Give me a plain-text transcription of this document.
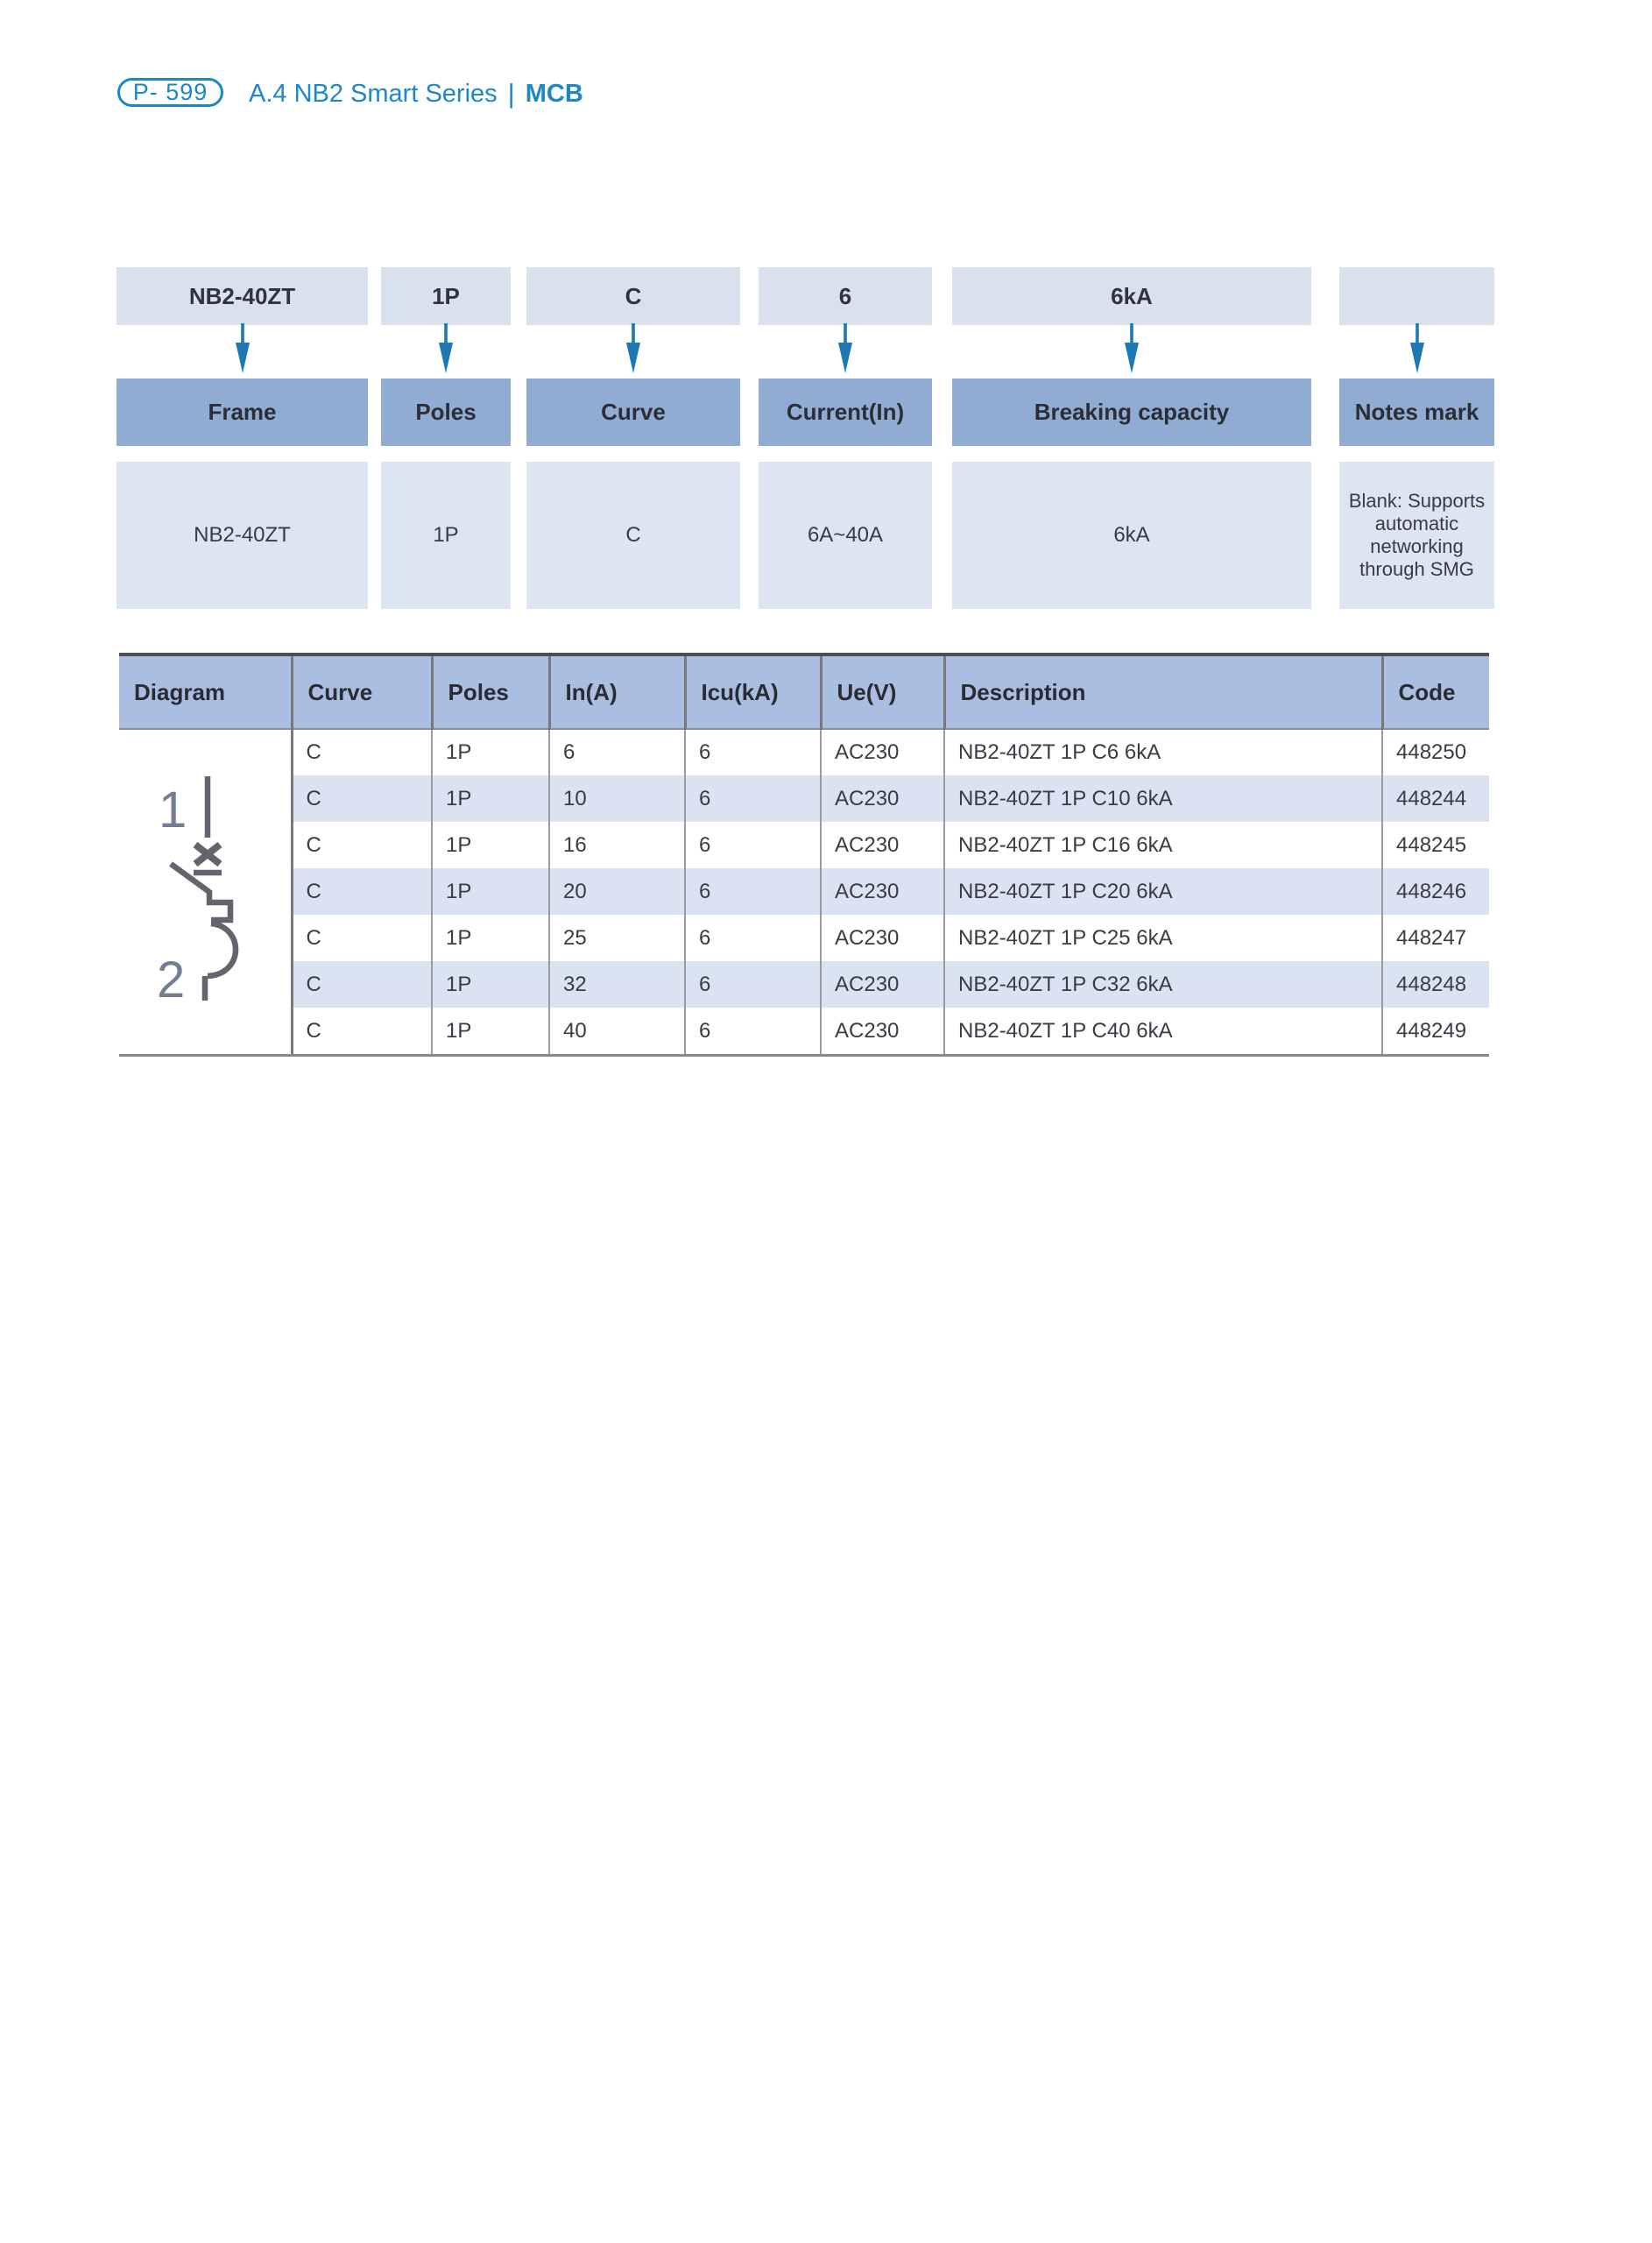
P- 599 A.4 NB2 Smart Series | MCB
NB2-40ZT
Frame
NB2-40ZT
1P
Poles
1P
C
Curve
C
6
Current(In)
6A~40A
6kA
Breaking capacity
6kA
Notes mark
Blank: Supports automatic networking through SMG
Diagram	Curve	Poles	In(A)	Icu(kA)	Ue(V)	Description	Code

1
2	C	1P	6	6	AC230	NB2-40ZT 1P C6 6kA	448250
	C	1P	10	6	AC230	NB2-40ZT 1P C10 6kA	448244
	C	1P	16	6	AC230	NB2-40ZT 1P C16 6kA	448245
	C	1P	20	6	AC230	NB2-40ZT 1P C20 6kA	448246
	C	1P	25	6	AC230	NB2-40ZT 1P C25 6kA	448247
	C	1P	32	6	AC230	NB2-40ZT 1P C32 6kA	448248
	C	1P	40	6	AC230	NB2-40ZT 1P C40 6kA	448249
